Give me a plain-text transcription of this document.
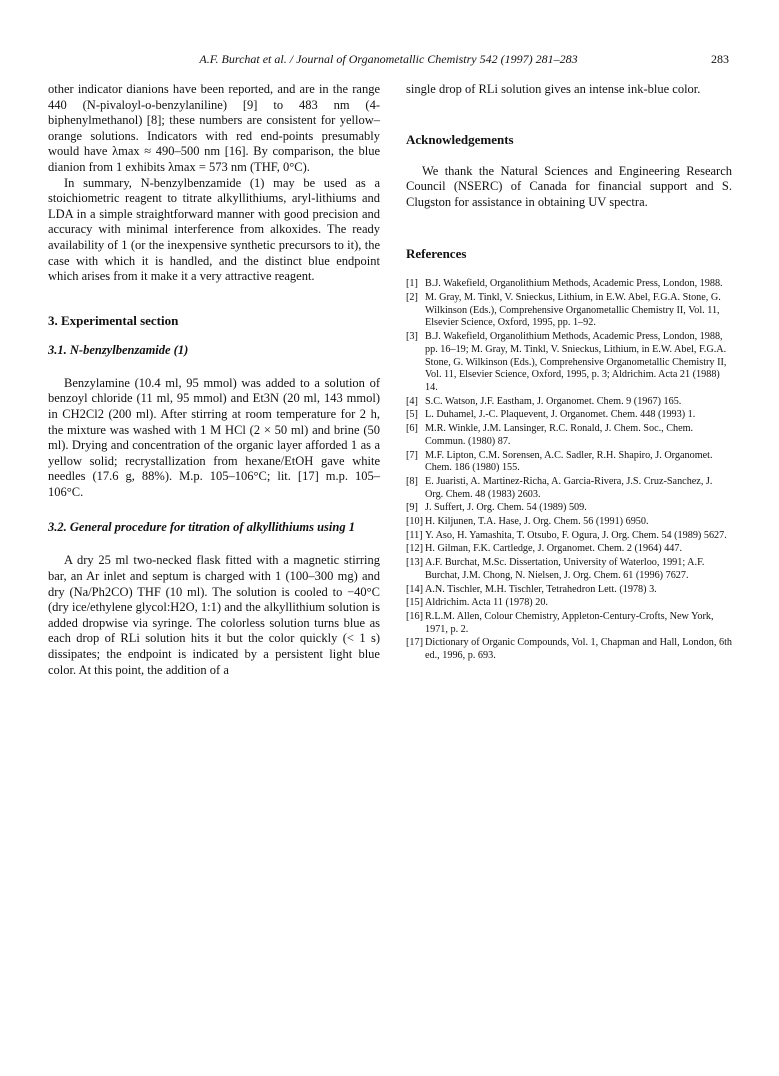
A.F. Burchat et al. / Journal of Organometallic Chemistry 542 (1997) 281–283	283

other indicator dianions have been reported, and are in the range 440 (N-pivaloyl-o-benzylaniline) [9] to 483 nm (4-biphenylmethanol) [8]; these numbers are consistent for yellow–orange solutions. Indicators with red end-points presumably would have λmax ≈ 490–500 nm [16]. By comparison, the blue dianion from 1 exhibits λmax = 573 nm (THF, 0°C).

In summary, N-benzylbenzamide (1) may be used as a stoichiometric reagent to titrate alkyllithiums, aryl-lithiums and LDA in a simple straightforward manner with good precision and accuracy with minimal interference from alkoxides. The ready availability of 1 (or the inexpensive synthetic precursors to it), the case with which it is handled, and the distinct blue endpoint which arises from it make it a very attractive reagent.

3. Experimental section
3.1. N-benzylbenzamide (1)

Benzylamine (10.4 ml, 95 mmol) was added to a solution of benzoyl chloride (11 ml, 95 mmol) and Et3N (20 ml, 143 mmol) in CH2Cl2 (200 ml). After stirring at room temperature for 2 h, the mixture was washed with 1 M HCl (2 × 50 ml) and brine (50 ml). Drying and concentration of the organic layer afforded 1 as a yellow solid; recrystallization from hexane/EtOH gave white needles (17.6 g, 88%). M.p. 105–106°C; lit. [17] m.p. 105–106°C.

3.2. General procedure for titration of alkyllithiums using 1

A dry 25 ml two-necked flask fitted with a magnetic stirring bar, an Ar inlet and septum is charged with 1 (100–300 mg) and dry (Na/Ph2CO) THF (10 ml). The solution is cooled to −40°C (dry ice/ethylene glycol:H2O, 1:1) and the alkyllithium solution is added dropwise via syringe. The colorless solution turns blue as each drop of RLi solution hits it but the color quickly (< 1 s) dissipates; the endpoint is indicated by a persistent light blue color. At this point, the addition of a

single drop of RLi solution gives an intense ink-blue color.

Acknowledgements

We thank the Natural Sciences and Engineering Research Council (NSERC) of Canada for financial support and S. Clugston for assistance in obtaining UV spectra.

References
[1] B.J. Wakefield, Organolithium Methods, Academic Press, London, 1988.
[2] M. Gray, M. Tinkl, V. Snieckus, Lithium, in E.W. Abel, F.G.A. Stone, G. Wilkinson (Eds.), Comprehensive Organometallic Chemistry II, Vol. 11, Elsevier Science, Oxford, 1995, pp. 1–92.
[3] B.J. Wakefield, Organolithium Methods, Academic Press, London, 1988, pp. 16–19; M. Gray, M. Tinkl, V. Snieckus, Lithium, in E.W. Abel, F.G.A. Stone, G. Wilkinson (Eds.), Comprehensive Organometallic Chemistry II, Vol. 11, Elsevier Science, Oxford, 1995, p. 3; Aldrichim. Acta 21 (1988) 14.
[4] S.C. Watson, J.F. Eastham, J. Organomet. Chem. 9 (1967) 165.
[5] L. Duhamel, J.-C. Plaquevent, J. Organomet. Chem. 448 (1993) 1.
[6] M.R. Winkle, J.M. Lansinger, R.C. Ronald, J. Chem. Soc., Chem. Commun. (1980) 87.
[7] M.F. Lipton, C.M. Sorensen, A.C. Sadler, R.H. Shapiro, J. Organomet. Chem. 186 (1980) 155.
[8] E. Juaristi, A. Martinez-Richa, A. Garcia-Rivera, J.S. Cruz-Sanchez, J. Org. Chem. 48 (1983) 2603.
[9] J. Suffert, J. Org. Chem. 54 (1989) 509.
[10] H. Kiljunen, T.A. Hase, J. Org. Chem. 56 (1991) 6950.
[11] Y. Aso, H. Yamashita, T. Otsubo, F. Ogura, J. Org. Chem. 54 (1989) 5627.
[12] H. Gilman, F.K. Cartledge, J. Organomet. Chem. 2 (1964) 447.
[13] A.F. Burchat, M.Sc. Dissertation, University of Waterloo, 1991; A.F. Burchat, J.M. Chong, N. Nielsen, J. Org. Chem. 61 (1996) 7627.
[14] A.N. Tischler, M.H. Tischler, Tetrahedron Lett. (1978) 3.
[15] Aldrichim. Acta 11 (1978) 20.
[16] R.L.M. Allen, Colour Chemistry, Appleton-Century-Crofts, New York, 1971, p. 2.
[17] Dictionary of Organic Compounds, Vol. 1, Chapman and Hall, London, 6th ed., 1996, p. 693.
